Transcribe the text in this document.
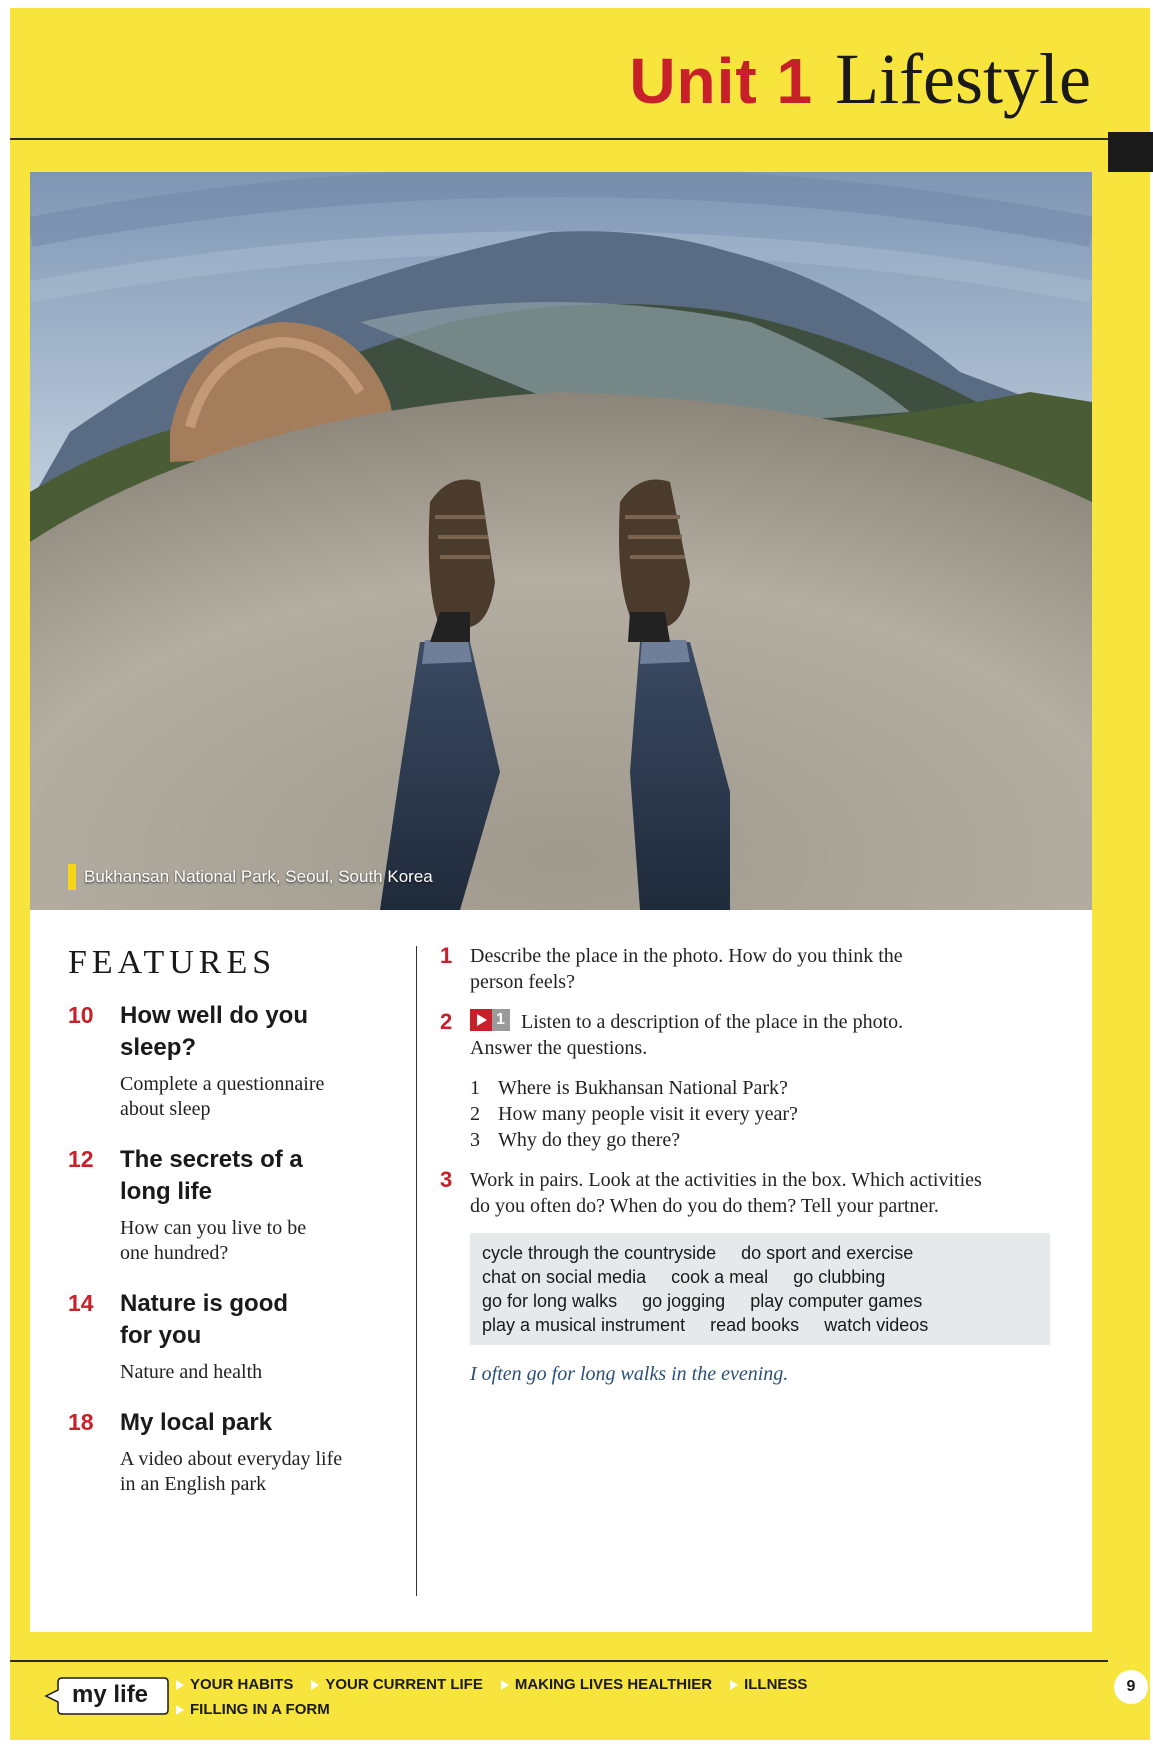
Unit 1 Lifestyle
Bukhansan National Park, Seoul, South Korea
FEATURES
10	How well do you
sleep?
Complete a questionnaire
about sleep
12	The secrets of a
long life
How can you live to be
one hundred?
14	Nature is good
for you
Nature and health
18	My local park
A video about everyday life
in an English park
1 Describe the place in the photo. How do you think the
person feels?
2	1 Listen to a description of the place in the photo.
Answer the questions.
1 Where is Bukhansan National Park?
2 How many people visit it every year?
3 Why do they go there?
3 Work in pairs. Look at the activities in the box. Which activities
do you often do? When do you do them? Tell your partner.
cycle through the countryside do sport and exercise
chat on social media cook a meal go clubbing
go for long walks go jogging play computer games
play a musical instrument read books watch videos
I often go for long walks in the evening.
my life	YOUR HABITS YOUR CURRENT LIFE MAKING LIVES HEALTHIER ILLNESS
FILLING IN A FORM
9
